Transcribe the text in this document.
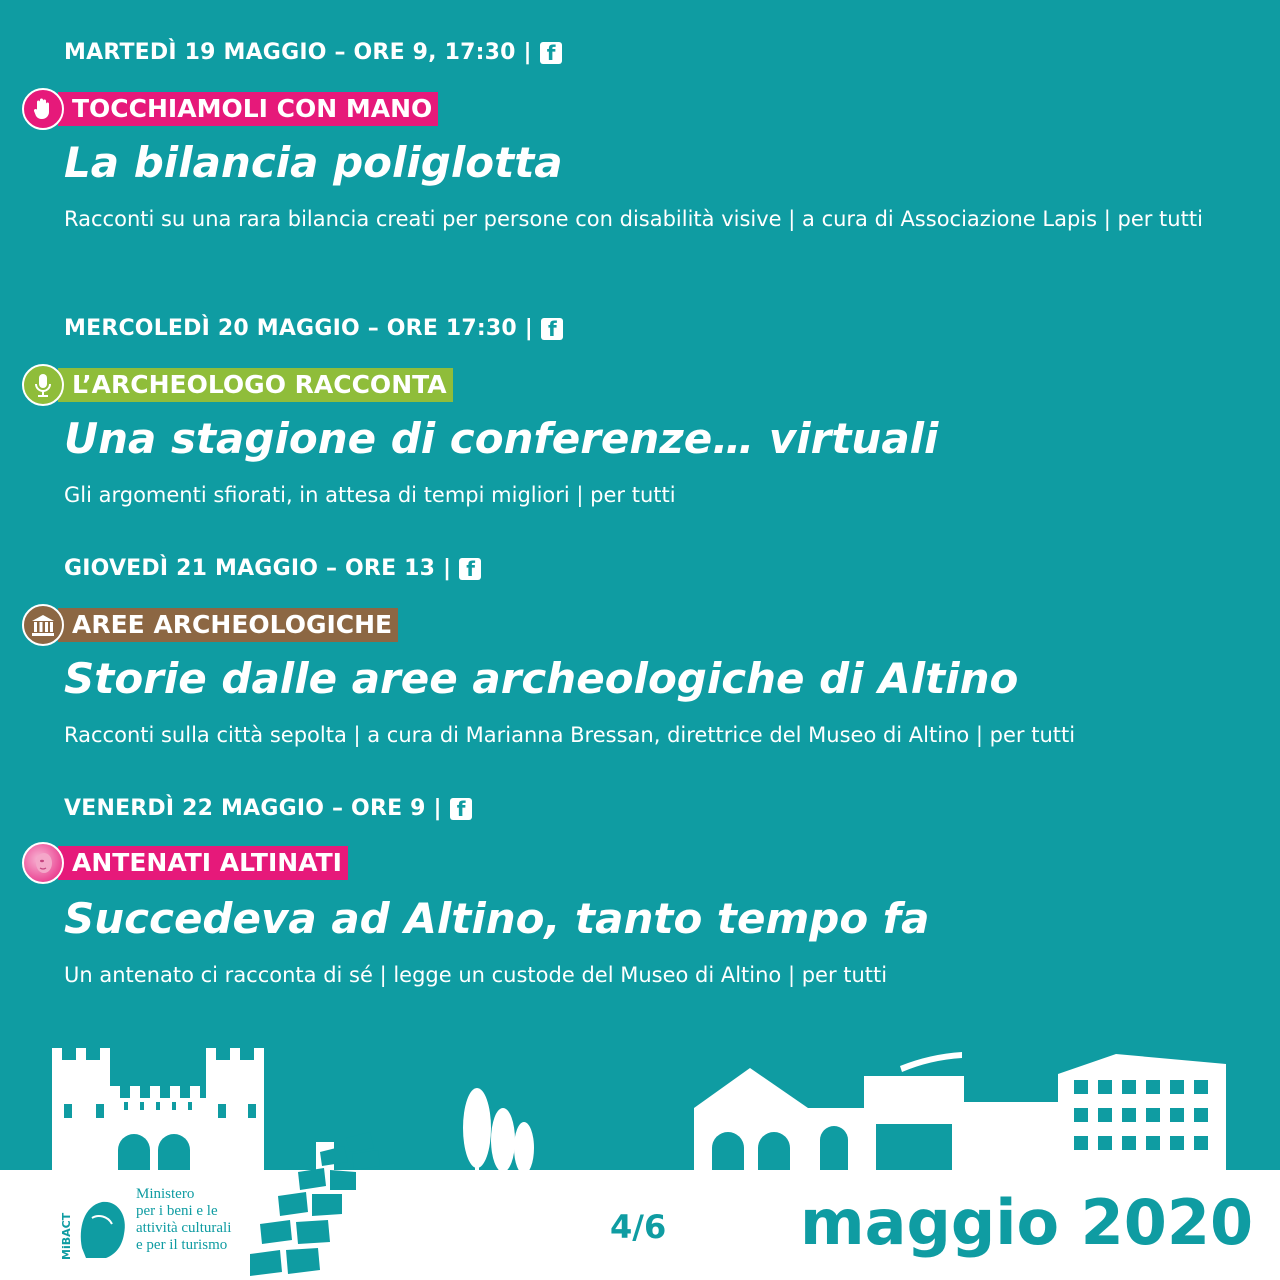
MARTEDÌ 19 MAGGIO – ORE 9, 17:30 |
f
TOCCHIAMOLI CON MANO
La bilancia poliglotta
Racconti su una rara bilancia creati per persone con disabilità visive | a cura di Associazione Lapis | per tutti
MERCOLEDÌ 20 MAGGIO – ORE 17:30 |
f
L’ARCHEOLOGO RACCONTA
Una stagione di conferenze… virtuali
Gli argomenti sfiorati, in attesa di tempi migliori | per tutti
GIOVEDÌ 21 MAGGIO – ORE 13 |
f
AREE ARCHEOLOGICHE
Storie dalle aree archeologiche di Altino
Racconti sulla città sepolta | a cura di Marianna Bressan, direttrice del Museo di Altino | per tutti
VENERDÌ 22 MAGGIO – ORE 9 |
f
ANTENATI ALTINATI
Succedeva ad Altino, tanto tempo fa
Un antenato ci racconta di sé | legge un custode del Museo di Altino | per tutti
MiBACT
Ministero
per i beni e le
attività culturali
e per il turismo	4/6 maggio 2020
